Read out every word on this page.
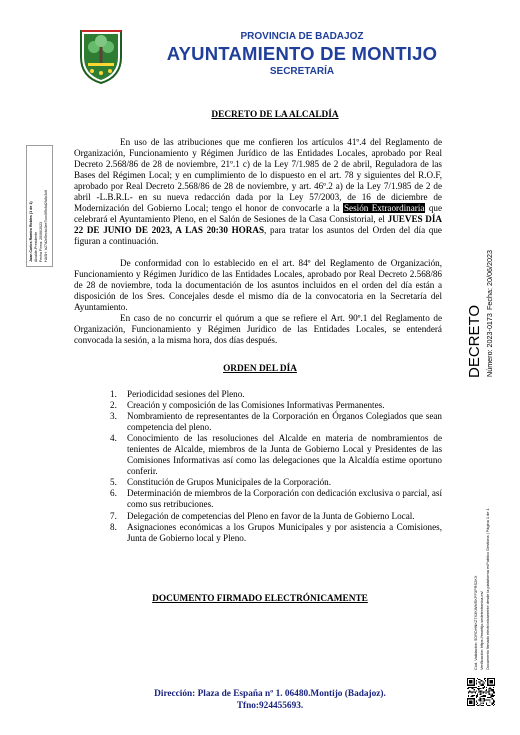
PROVINCIA DE BADAJOZ
AYUNTAMIENTO DE MONTIJO
SECRETARÍA
DECRETO DE LA ALCALDÍA
En uso de las atribuciones que me confieren los artículos 41º.4 del Reglamento de Organización, Funcionamiento y Régimen Jurídico de las Entidades Locales, aprobado por Real Decreto 2.568/86 de 28 de noviembre, 21º.1 c) de la Ley 7/1.985 de 2 de abril, Reguladora de las Bases del Régimen Local; y en cumplimiento de lo dispuesto en el art. 78 y siguientes del R.O.F, aprobado por Real Decreto 2.568/86 de 28 de noviembre, y art. 46º.2 a) de la Ley 7/1.985 de 2 de abril -L.B.R.L- en su nueva redacción dada por la Ley 57/2003, de 16 de diciembre de Modernización del Gobierno Local; tengo el honor de convocarle a la Sesión Extraordinaria que celebrará el Ayuntamiento Pleno, en el Salón de Sesiones de la Casa Consistorial, el JUEVES DÍA 22 DE JUNIO DE 2023, A LAS 20:30 HORAS, para tratar los asuntos del Orden del día que figuran a continuación.
De conformidad con lo establecido en el art. 84º del Reglamento de Organización, Funcionamiento y Régimen Jurídico de las Entidades Locales, aprobado por Real Decreto 2.568/86 de 28 de noviembre, toda la documentación de los asuntos incluidos en el orden del día están a disposición de los Sres. Concejales desde el mismo día de la convocatoria en la Secretaría del Ayuntamiento.
En caso de no concurrir el quórum a que se refiere el Art. 90º.1 del Reglamento de Organización, Funcionamiento y Régimen Jurídico de las Entidades Locales, se entenderá convocada la sesión, a la misma hora, dos días después.
ORDEN DEL DÍA
1. Periodicidad sesiones del Pleno.
2. Creación y composición de las Comisiones Informativas Permanentes.
3. Nombramiento de representantes de la Corporación en Órganos Colegiados que sean competencia del pleno.
4. Conocimiento de las resoluciones del Alcalde en materia de nombramientos de tenientes de Alcalde, miembros de la Junta de Gobierno Local y Presidentes de las Comisiones Informativas así como las delegaciones que la Alcaldía estime oportuno conferir.
5. Constitución de Grupos Municipales de la Corporación.
6. Determinación de miembros de la Corporación con dedicación exclusiva o parcial, así como sus retribuciones.
7. Delegación de competencias del Pleno en favor de la Junta de Gobierno Local.
8. Asignaciones económicas a los Grupos Municipales y por asistencia a Comisiones, Junta de Gobierno local y Pleno.
DOCUMENTO FIRMADO ELECTRÓNICAMENTE
Dirección: Plaza de España nº 1. 06480.Montijo (Badajoz).
Tfno:924455693.
Juan Carlos Ramiro Robles (1 de 1) Alcalde-Presidente Fecha Firma: 20/06/2023 HASH: b27d2e5ecbc3ee7ccc0f5c6d2fc8c3c6
DECRETO Número: 2023-0173
Fecha: 20/06/2023
Cód. Validación: 5DRDHNKZ7X3KWMSKPF3PRS2KX Verificación: https://montijo.sedelectronica.es/ Documento firmado electrónicamente desde la plataforma esPublico Gestiona | Página 1 de 1
